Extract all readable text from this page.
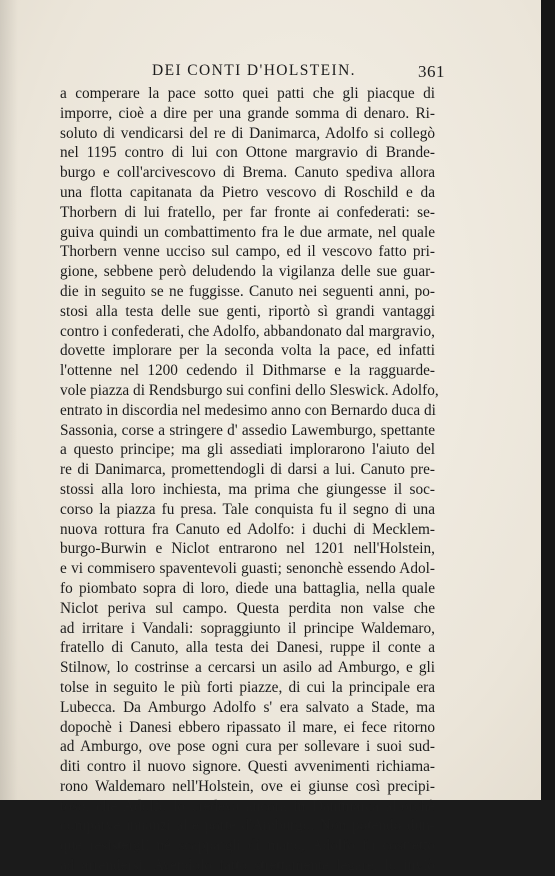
DEI CONTI D'HOLSTEIN.	361
a comperare la pace sotto quei patti che gli piacque di
imporre, cioè a dire per una grande somma di denaro. Ri-
soluto di vendicarsi del re di Danimarca, Adolfo si collegò
nel 1195 contro di lui con Ottone margravio di Brande-
burgo e coll'arcivescovo di Brema. Canuto spediva allora
una flotta capitanata da Pietro vescovo di Roschild e da
Thorbern di lui fratello, per far fronte ai confederati: se-
guiva quindi un combattimento fra le due armate, nel quale
Thorbern venne ucciso sul campo, ed il vescovo fatto pri-
gione, sebbene però deludendo la vigilanza delle sue guar-
die in seguito se ne fuggisse. Canuto nei seguenti anni, po-
stosi alla testa delle sue genti, riportò sì grandi vantaggi
contro i confederati, che Adolfo, abbandonato dal margravio,
dovette implorare per la seconda volta la pace, ed infatti
l'ottenne nel 1200 cedendo il Dithmarse e la ragguarde-
vole piazza di Rendsburgo sui confini dello Sleswick. Adolfo,
entrato in discordia nel medesimo anno con Bernardo duca di
Sassonia, corse a stringere d' assedio Lawemburgo, spettante
a questo principe; ma gli assediati implorarono l'aiuto del
re di Danimarca, promettendogli di darsi a lui. Canuto pre-
stossi alla loro inchiesta, ma prima che giungesse il soc-
corso la piazza fu presa. Tale conquista fu il segno di una
nuova rottura fra Canuto ed Adolfo: i duchi di Mecklem-
burgo-Burwin e Niclot entrarono nel 1201 nell'Holstein,
e vi commisero spaventevoli guasti; senonchè essendo Adol-
fo piombato sopra di loro, diede una battaglia, nella quale
Niclot periva sul campo. Questa perdita non valse che
ad irritare i Vandali: sopraggiunto il principe Waldemaro,
fratello di Canuto, alla testa dei Danesi, ruppe il conte a
Stilnow, lo costrinse a cercarsi un asilo ad Amburgo, e gli
tolse in seguito le più forti piazze, di cui la principale era
Lubecca. Da Amburgo Adolfo s' era salvato a Stade, ma
dopochè i Danesi ebbero ripassato il mare, ei fece ritorno
ad Amburgo, ove pose ogni cura per sollevare i suoi sud-
diti contro il nuovo signore. Questi avvenimenti richiama-
rono Waldemaro nell'Holstein, ove ei giunse così precipi-
toso, che Adolfo lo credeva ancora in Danimarca allorchè
comparve innanzi alle porte d'Amburgo. Non potendo dun-
que resistergli nè scappargli di mano, Adolfo fu costretto
ad arrendersi. Avendolo fatto strettamente legare, lo inviò
